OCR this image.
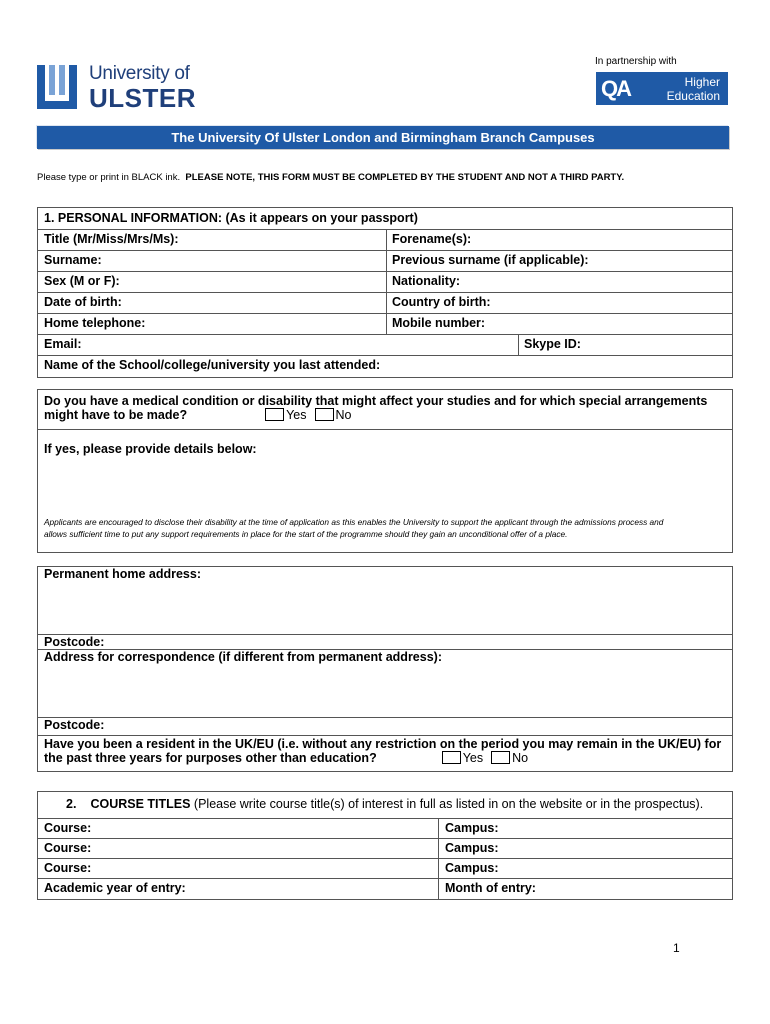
University of
ULSTER
In partnership with
QA	Higher
Education
The University Of Ulster London and Birmingham Branch Campuses
Please type or print in BLACK ink. PLEASE NOTE, THIS FORM MUST BE COMPLETED BY THE STUDENT AND NOT A THIRD PARTY.
1. PERSONAL INFORMATION: (As it appears on your passport)
Title (Mr/Miss/Mrs/Ms):	Forename(s):
Surname:	Previous surname (if applicable):
Sex (M or F):	Nationality:
Date of birth:	Country of birth:
Home telephone:	Mobile number:
Email:	Skype ID:
Name of the School/college/university you last attended:
Do you have a medical condition or disability that might affect your studies and for which special arrangements
might have to be made?	Yes No
If yes, please provide details below:
Applicants are encouraged to disclose their disability at the time of application as this enables the University to support the applicant through the admissions process and
allows sufficient time to put any support requirements in place for the start of the programme should they gain an unconditional offer of a place.
Permanent home address:
Postcode:
Address for correspondence (if different from permanent address):
Postcode:
Have you been a resident in the UK/EU (i.e. without any restriction on the period you may remain in the UK/EU) for
the past three years for purposes other than education?	Yes No
2. COURSE TITLES (Please write course title(s) of interest in full as listed in on the website or in the prospectus).
Course:	Campus:
Course:	Campus:
Course:	Campus:
Academic year of entry:	Month of entry:
1
